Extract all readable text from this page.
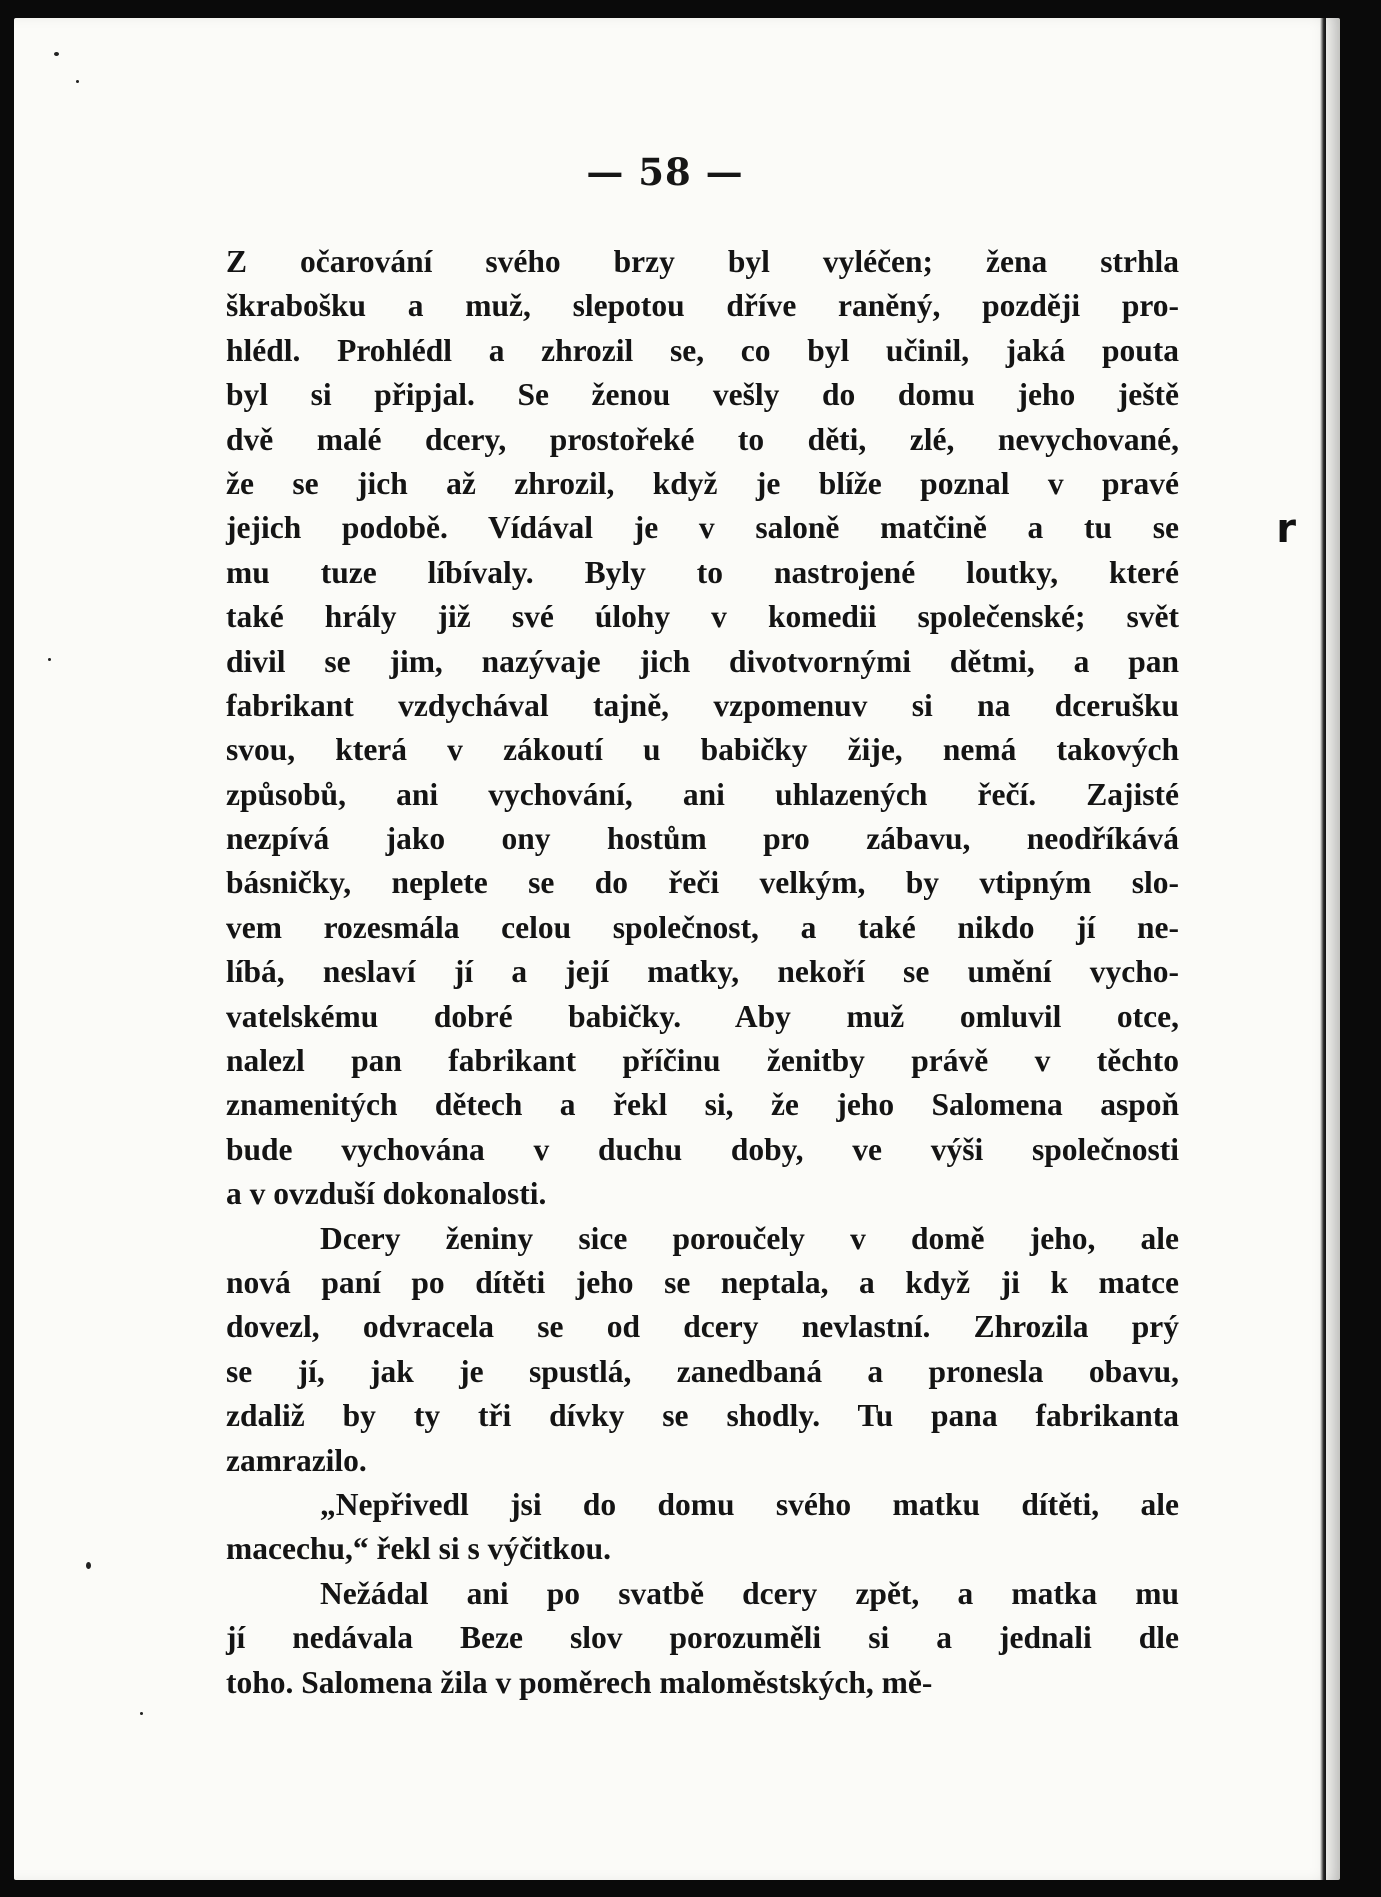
— 58 —
r
Z očarování svého brzy byl vyléčen; žena strhla
škrabošku a muž, slepotou dříve raněný, později pro-
hlédl. Prohlédl a zhrozil se, co byl učinil, jaká pouta
byl si připjal. Se ženou vešly do domu jeho ještě
dvě malé dcery, prostořeké to děti, zlé, nevychované,
že se jich až zhrozil, když je blíže poznal v pravé
jejich podobě. Vídával je v saloně matčině a tu se
mu tuze líbívaly. Byly to nastrojené loutky, které
také hrály již své úlohy v komedii společenské; svět
divil se jim, nazývaje jich divotvornými dětmi, a pan
fabrikant vzdychával tajně, vzpomenuv si na dcerušku
svou, která v zákoutí u babičky žije, nemá takových
způsobů, ani vychování, ani uhlazených řečí. Zajisté
nezpívá jako ony hostům pro zábavu, neodříkává
básničky, neplete se do řeči velkým, by vtipným slo-
vem rozesmála celou společnost, a také nikdo jí ne-
líbá, neslaví jí a její matky, nekoří se umění vycho-
vatelskému dobré babičky. Aby muž omluvil otce,
nalezl pan fabrikant příčinu ženitby právě v těchto
znamenitých dětech a řekl si, že jeho Salomena aspoň
bude vychována v duchu doby, ve výši společnosti
a v ovzduší dokonalosti.
Dcery ženiny sice poroučely v domě jeho, ale
nová paní po dítěti jeho se neptala, a když ji k matce
dovezl, odvracela se od dcery nevlastní. Zhrozila prý
se jí, jak je spustlá, zanedbaná a pronesla obavu,
zdaliž by ty tři dívky se shodly. Tu pana fabrikanta
zamrazilo.
„Nepřivedl jsi do domu svého matku dítěti, ale
macechu,“ řekl si s výčitkou.
Nežádal ani po svatbě dcery zpět, a matka mu
jí nedávala Beze slov porozuměli si a jednali dle
toho. Salomena žila v poměrech maloměstských, mě-
